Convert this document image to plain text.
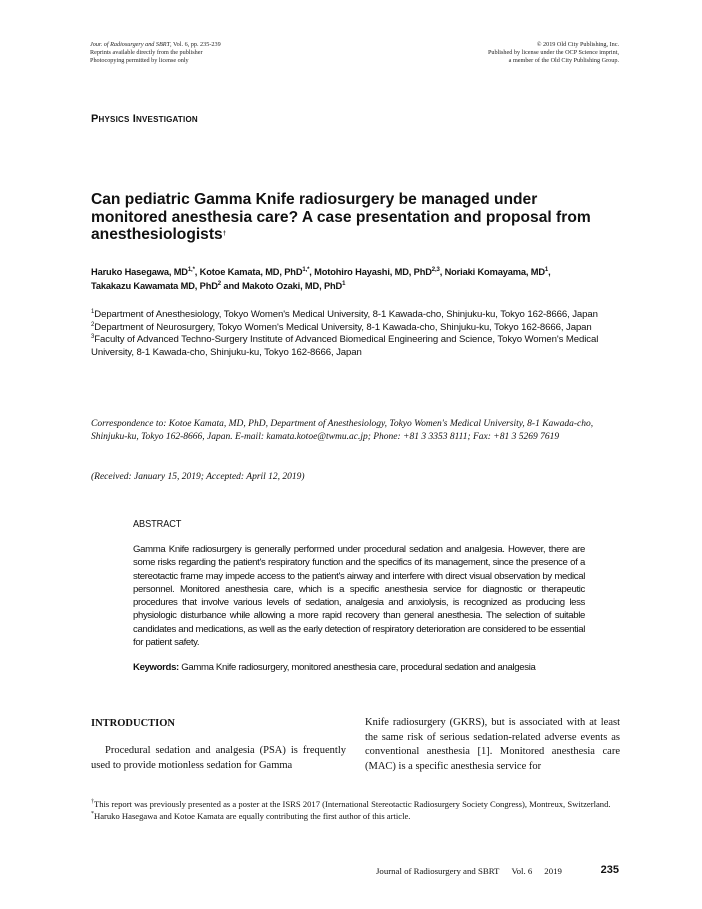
Jour. of Radiosurgery and SBRT, Vol. 6, pp. 235-239
Reprints available directly from the publisher
Photocopying permitted by license only
© 2019 Old City Publishing, Inc.
Published by license under the OCP Science imprint,
a member of the Old City Publishing Group.
Physics Investigation
Can pediatric Gamma Knife radiosurgery be managed under monitored anesthesia care? A case presentation and proposal from anesthesiologists†
Haruko Hasegawa, $MD^{1,*}$, Kotoe Kamata, MD, PhD$^{1,*}$, Motohiro Hayashi, MD, PhD$^{2,3}$, Noriaki Komayama, $MD^1$,
Takakazu Kawamata MD, PhD$^2$ and Makoto Ozaki, MD, PhD$^1$
$^1$Department of Anesthesiology, Tokyo Women's Medical University, 8-1 Kawada-cho, Shinjuku-ku, Tokyo 162-8666, Japan
$^2$Department of Neurosurgery, Tokyo Women's Medical University, 8-1 Kawada-cho, Shinjuku-ku, Tokyo 162-8666, Japan
$^3$Faculty of Advanced Techno-Surgery Institute of Advanced Biomedical Engineering and Science, Tokyo Women's Medical University, 8-1 Kawada-cho, Shinjuku-ku, Tokyo 162-8666, Japan
Correspondence to: Kotoe Kamata, MD, PhD, Department of Anesthesiology, Tokyo Women's Medical University, 8-1 Kawada-cho, Shinjuku-ku, Tokyo 162-8666, Japan. E-mail: kamata.kotoe@twmu.ac.jp; Phone: +81 3 3353 8111; Fax: +81 3 5269 7619
(Received: January 15, 2019; Accepted: April 12, 2019)
ABSTRACT
Gamma Knife radiosurgery is generally performed under procedural sedation and analgesia. However, there are some risks regarding the patient's respiratory function and the specifics of its management, since the presence of a stereotactic frame may impede access to the patient's airway and interfere with direct visual observation by medical personnel. Monitored anesthesia care, which is a specific anesthesia service for diagnostic or therapeutic procedures that involve various levels of sedation, analgesia and anxiolysis, is recognized as producing less physiologic disturbance while allowing a more rapid recovery than general anesthesia. The selection of suitable candidates and medications, as well as the early detection of respiratory deterioration are considered to be essential for patient safety.
Keywords: Gamma Knife radiosurgery, monitored anesthesia care, procedural sedation and analgesia
INTRODUCTION
Procedural sedation and analgesia (PSA) is frequently used to provide motionless sedation for Gamma
Knife radiosurgery (GKRS), but is associated with at least the same risk of serious sedation-related adverse events as conventional anesthesia [1]. Monitored anesthesia care (MAC) is a specific anesthesia service for
†This report was previously presented as a poster at the ISRS 2017 (International Stereotactic Radiosurgery Society Congress), Montreux, Switzerland.
*Haruko Hasegawa and Kotoe Kamata are equally contributing the first author of this article.
Journal of Radiosurgery and SBRT Vol. 6 2019	235
